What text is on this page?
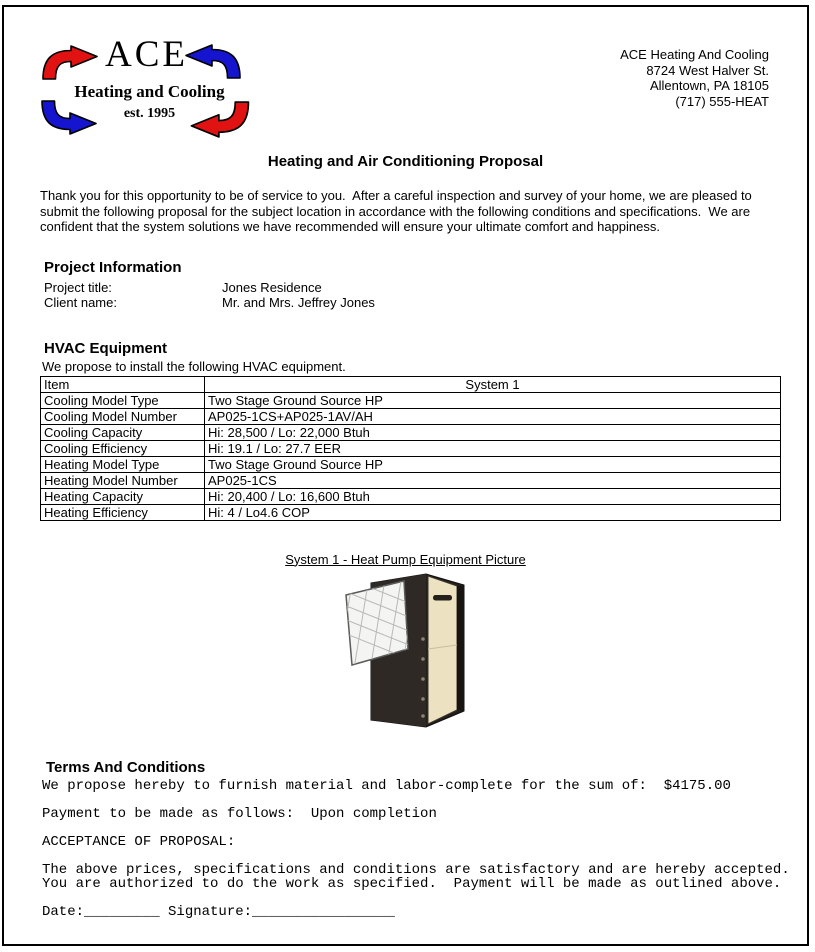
ACE
Heating and Cooling
est. 1995
ACE Heating And Cooling
8724 West Halver St.
Allentown, PA 18105
(717) 555-HEAT
Heating and Air Conditioning Proposal
Thank you for this opportunity to be of service to you.  After a careful inspection and survey of your home, we are pleased to submit the following proposal for the subject location in accordance with the following conditions and specifications.  We are confident that the system solutions we have recommended will ensure your ultimate comfort and happiness.
Project Information
Project title:	Jones Residence
Client name:	Mr. and Mrs. Jeffrey Jones
HVAC Equipment
We propose to install the following HVAC equipment.
Item	System 1
Cooling Model Type	Two Stage Ground Source HP
Cooling Model Number	AP025-1CS+AP025-1AV/AH
Cooling Capacity	Hi: 28,500 / Lo: 22,000 Btuh
Cooling Efficiency	Hi: 19.1 / Lo: 27.7 EER
Heating Model Type	Two Stage Ground Source HP
Heating Model Number	AP025-1CS
Heating Capacity	Hi: 20,400 / Lo: 16,600 Btuh
Heating Efficiency	Hi: 4 / Lo4.6 COP
System 1 - Heat Pump Equipment Picture
Terms And Conditions
We propose hereby to furnish material and labor-complete for the sum of:  $4175.00
Payment to be made as follows:  Upon completion
ACCEPTANCE OF PROPOSAL:
The above prices, specifications and conditions are satisfactory and are hereby accepted.
You are authorized to do the work as specified.  Payment will be made as outlined above.
Date:_________ Signature:_________________
